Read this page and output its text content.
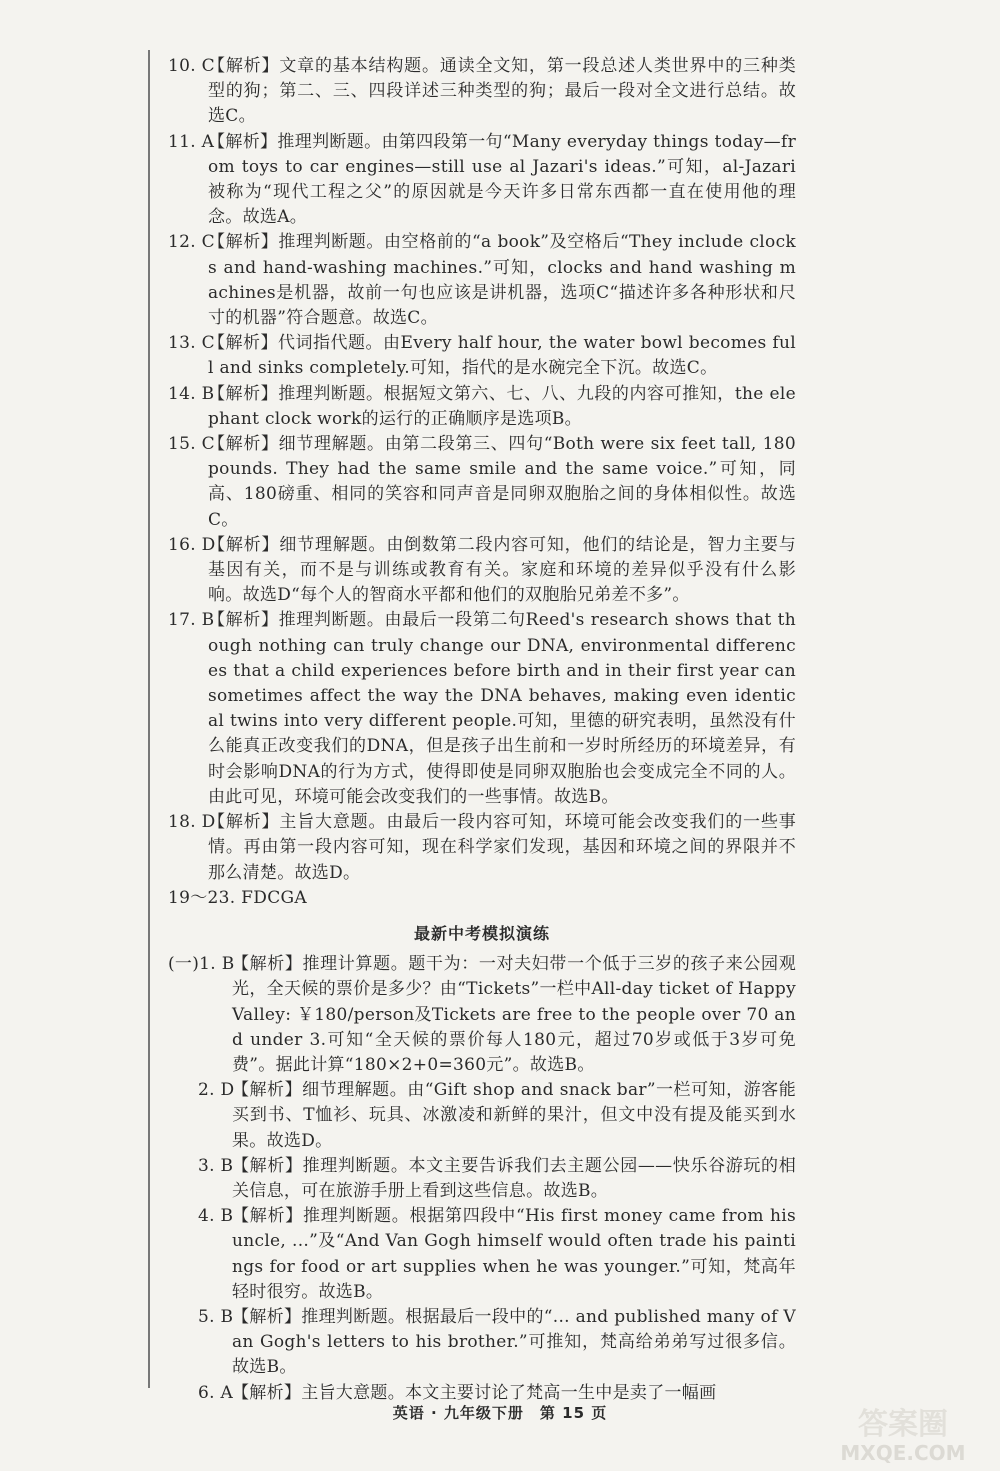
10. C
【解析】文章的基本结构题。通读全文知，第一段总述人类世界中的三种类型的狗；第二、三、四段详述三种类型的狗；最后一段对全文进行总结。故选C。

11. A
【解析】推理判断题。由第四段第一句“Many everyday things today—from toys to car engines—still use al Jazari's ideas.”可知，al-Jazari被称为“现代工程之父”的原因就是今天许多日常东西都一直在使用他的理念。故选A。

12. C
【解析】推理判断题。由空格前的“a book”及空格后“They include clocks and hand-washing machines.”可知，clocks and hand washing machines是机器，故前一句也应该是讲机器，选项C“描述许多各种形状和尺寸的机器”符合题意。故选C。

13. C
【解析】代词指代题。由Every half hour, the water bowl becomes full and sinks completely.可知，指代的是水碗完全下沉。故选C。

14. B
【解析】推理判断题。根据短文第六、七、八、九段的内容可推知，the elephant clock work的运行的正确顺序是选项B。

15. C
【解析】细节理解题。由第二段第三、四句“Both were six feet tall, 180 pounds. They had the same smile and the same voice.”可知，同高、180磅重、相同的笑容和同声音是同卵双胞胎之间的身体相似性。故选C。

16. D
【解析】细节理解题。由倒数第二段内容可知，他们的结论是，智力主要与基因有关，而不是与训练或教育有关。家庭和环境的差异似乎没有什么影响。故选D“每个人的智商水平都和他们的双胞胎兄弟差不多”。

17. B
【解析】推理判断题。由最后一段第二句Reed's research shows that though nothing can truly change our DNA, environmental differences that a child experiences before birth and in their first year can sometimes affect the way the DNA behaves, making even identical twins into very different people.可知，里德的研究表明，虽然没有什么能真正改变我们的DNA，但是孩子出生前和一岁时所经历的环境差异，有时会影响DNA的行为方式，使得即使是同卵双胞胎也会变成完全不同的人。由此可见，环境可能会改变我们的一些事情。故选B。

18. D
【解析】主旨大意题。由最后一段内容可知，环境可能会改变我们的一些事情。再由第一段内容可知，现在科学家们发现，基因和环境之间的界限并不那么清楚。故选D。

19～23. FDCGA

最新中考模拟演练

(一)1. B
【解析】推理计算题。题干为：一对夫妇带一个低于三岁的孩子来公园观光，全天候的票价是多少？由“Tickets”一栏中All-day ticket of Happy Valley: ￥180/person及Tickets are free to the people over 70 and under 3.可知“全天候的票价每人180元，超过70岁或低于3岁可免费”。据此计算“180×2+0=360元”。故选B。

2. D
【解析】细节理解题。由“Gift shop and snack bar”一栏可知，游客能买到书、T恤衫、玩具、冰激凌和新鲜的果汁，但文中没有提及能买到水果。故选D。

3. B
【解析】推理判断题。本文主要告诉我们去主题公园——快乐谷游玩的相关信息，可在旅游手册上看到这些信息。故选B。

4. B
【解析】推理判断题。根据第四段中“His first money came from his uncle, ...”及“And Van Gogh himself would often trade his paintings for food or art supplies when he was younger.”可知，梵高年轻时很穷。故选B。

5. B
【解析】推理判断题。根据最后一段中的“... and published many of Van Gogh's letters to his brother.”可推知，梵高给弟弟写过很多信。故选B。

6. A
【解析】主旨大意题。本文主要讨论了梵高一生中是卖了一幅画

英语 · 九年级下册　第 15 页	答案圈
MXQE.COM
